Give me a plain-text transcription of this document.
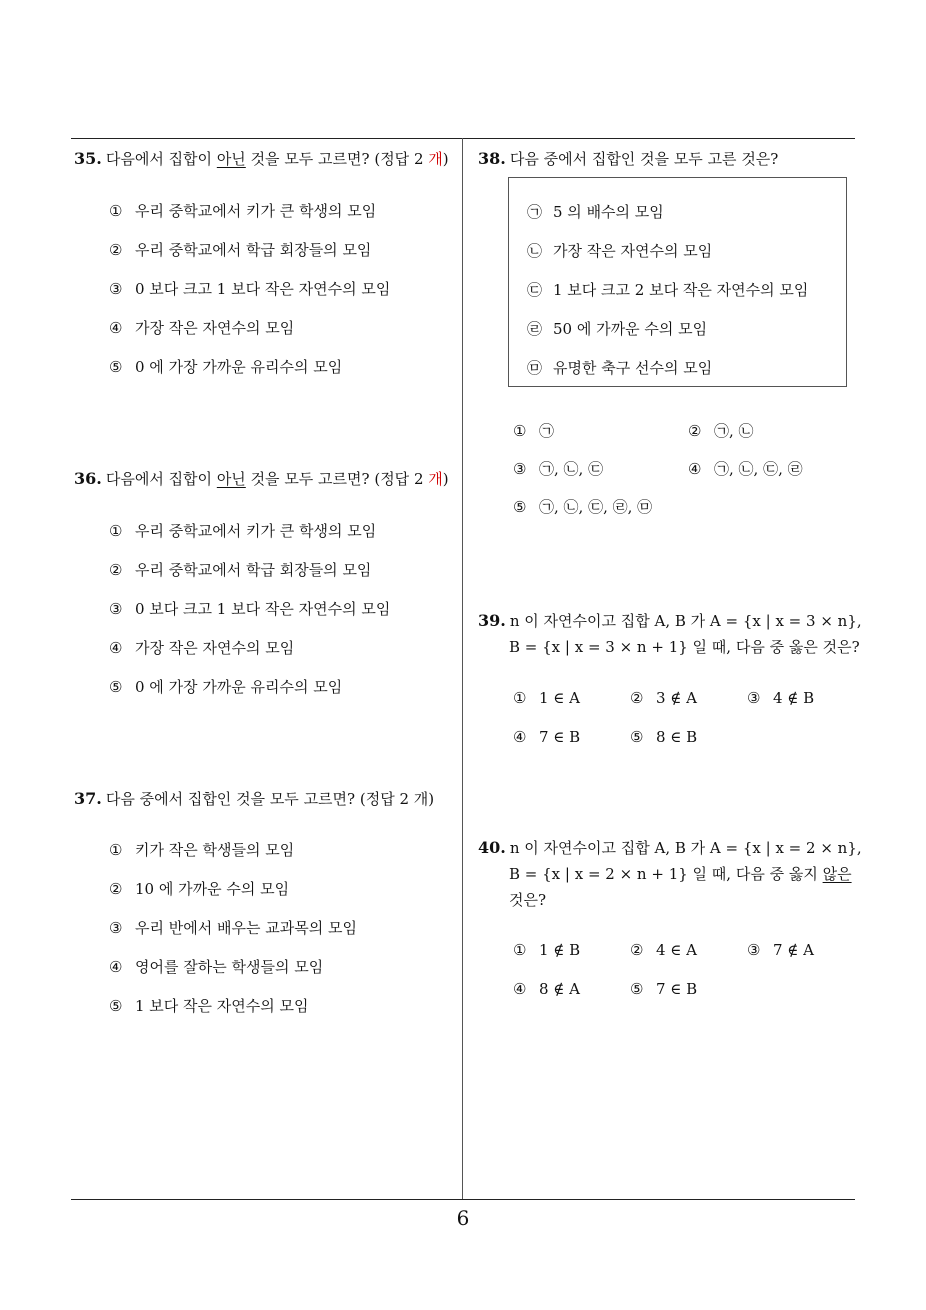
6
35. 다음에서 집합이 아닌 것을 모두 고르면? (정답 2 개)
① 우리 중학교에서 키가 큰 학생의 모임
② 우리 중학교에서 학급 회장들의 모임
③ 0 보다 크고 1 보다 작은 자연수의 모임
④ 가장 작은 자연수의 모임
⑤ 0 에 가장 가까운 유리수의 모임
36. 다음에서 집합이 아닌 것을 모두 고르면? (정답 2 개)
① 우리 중학교에서 키가 큰 학생의 모임
② 우리 중학교에서 학급 회장들의 모임
③ 0 보다 크고 1 보다 작은 자연수의 모임
④ 가장 작은 자연수의 모임
⑤ 0 에 가장 가까운 유리수의 모임
37. 다음 중에서 집합인 것을 모두 고르면? (정답 2 개)
① 키가 작은 학생들의 모임
② 10 에 가까운 수의 모임
③ 우리 반에서 배우는 교과목의 모임
④ 영어를 잘하는 학생들의 모임
⑤ 1 보다 작은 자연수의 모임
38. 다음 중에서 집합인 것을 모두 고른 것은?
㉠ 5 의 배수의 모임
㉡ 가장 작은 자연수의 모임
㉢ 1 보다 크고 2 보다 작은 자연수의 모임
㉣ 50 에 가까운 수의 모임
㉤ 유명한 축구 선수의 모임
① ㉠	② ㉠, ㉡
③ ㉠, ㉡, ㉢	④ ㉠, ㉡, ㉢, ㉣
⑤ ㉠, ㉡, ㉢, ㉣, ㉤
39. n 이 자연수이고 집합 A, B 가 A = {x | x = 3 × n},
B = {x | x = 3 × n + 1} 일 때, 다음 중 옳은 것은?
① 1 ∈ A	② 3 ∉ A	③ 4 ∉ B
④ 7 ∈ B	⑤ 8 ∈ B
40. n 이 자연수이고 집합 A, B 가 A = {x | x = 2 × n},
B = {x | x = 2 × n + 1} 일 때, 다음 중 옳지 않은
것은?
① 1 ∉ B	② 4 ∈ A	③ 7 ∉ A
④ 8 ∉ A	⑤ 7 ∈ B
